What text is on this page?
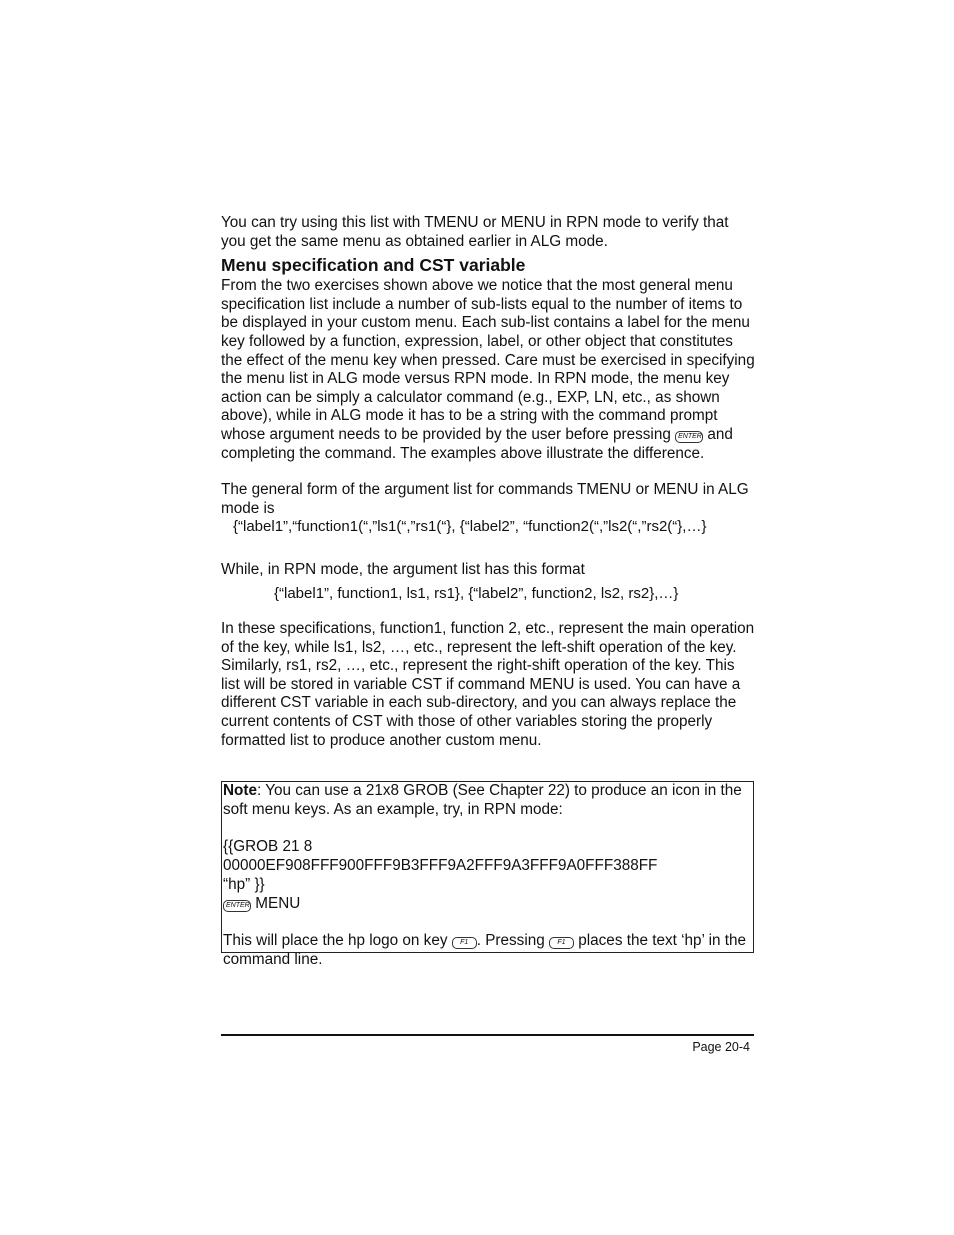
You can try using this list with TMENU or MENU in RPN mode to verify that you get the same menu as obtained earlier in ALG mode.

Menu specification and CST variable

From the two exercises shown above we notice that the most general menu specification list include a number of sub-lists equal to the number of items to be displayed in your custom menu. Each sub-list contains a label for the menu key followed by a function, expression, label, or other object that constitutes the effect of the menu key when pressed. Care must be exercised in specifying the menu list in ALG mode versus RPN mode. In RPN mode, the menu key action can be simply a calculator command (e.g., EXP, LN, etc., as shown above), while in ALG mode it has to be a string with the command prompt whose argument needs to be provided by the user before pressing ENTER and completing the command. The examples above illustrate the difference.

The general form of the argument list for commands TMENU or MENU in ALG mode is

{“label1”,“function1(“,”ls1(“,”rs1(“}, {“label2”, “function2(“,”ls2(“,”rs2(“},…}

While, in RPN mode, the argument list has this format

{“label1”, function1, ls1, rs1}, {“label2”, function2, ls2, rs2},…}

In these specifications, function1, function 2, etc., represent the main operation of the key, while ls1, ls2, …, etc., represent the left-shift operation of the key. Similarly, rs1, rs2, …, etc., represent the right-shift operation of the key. This list will be stored in variable CST if command MENU is used. You can have a different CST variable in each sub-directory, and you can always replace the current contents of CST with those of other variables storing the properly formatted list to produce another custom menu.

Note: You can use a 21x8 GROB (See Chapter 22) to produce an icon in the soft menu keys. As an example, try, in RPN mode:

{{GROB 21 8 00000EF908FFF900FFF9B3FFF9A2FFF9A3FFF9A0FFF388FF

“hp” }}

ENTER MENU

This will place the hp logo on key F1 . Pressing F1 places the text ‘hp’ in the command line.

Page 20-4
